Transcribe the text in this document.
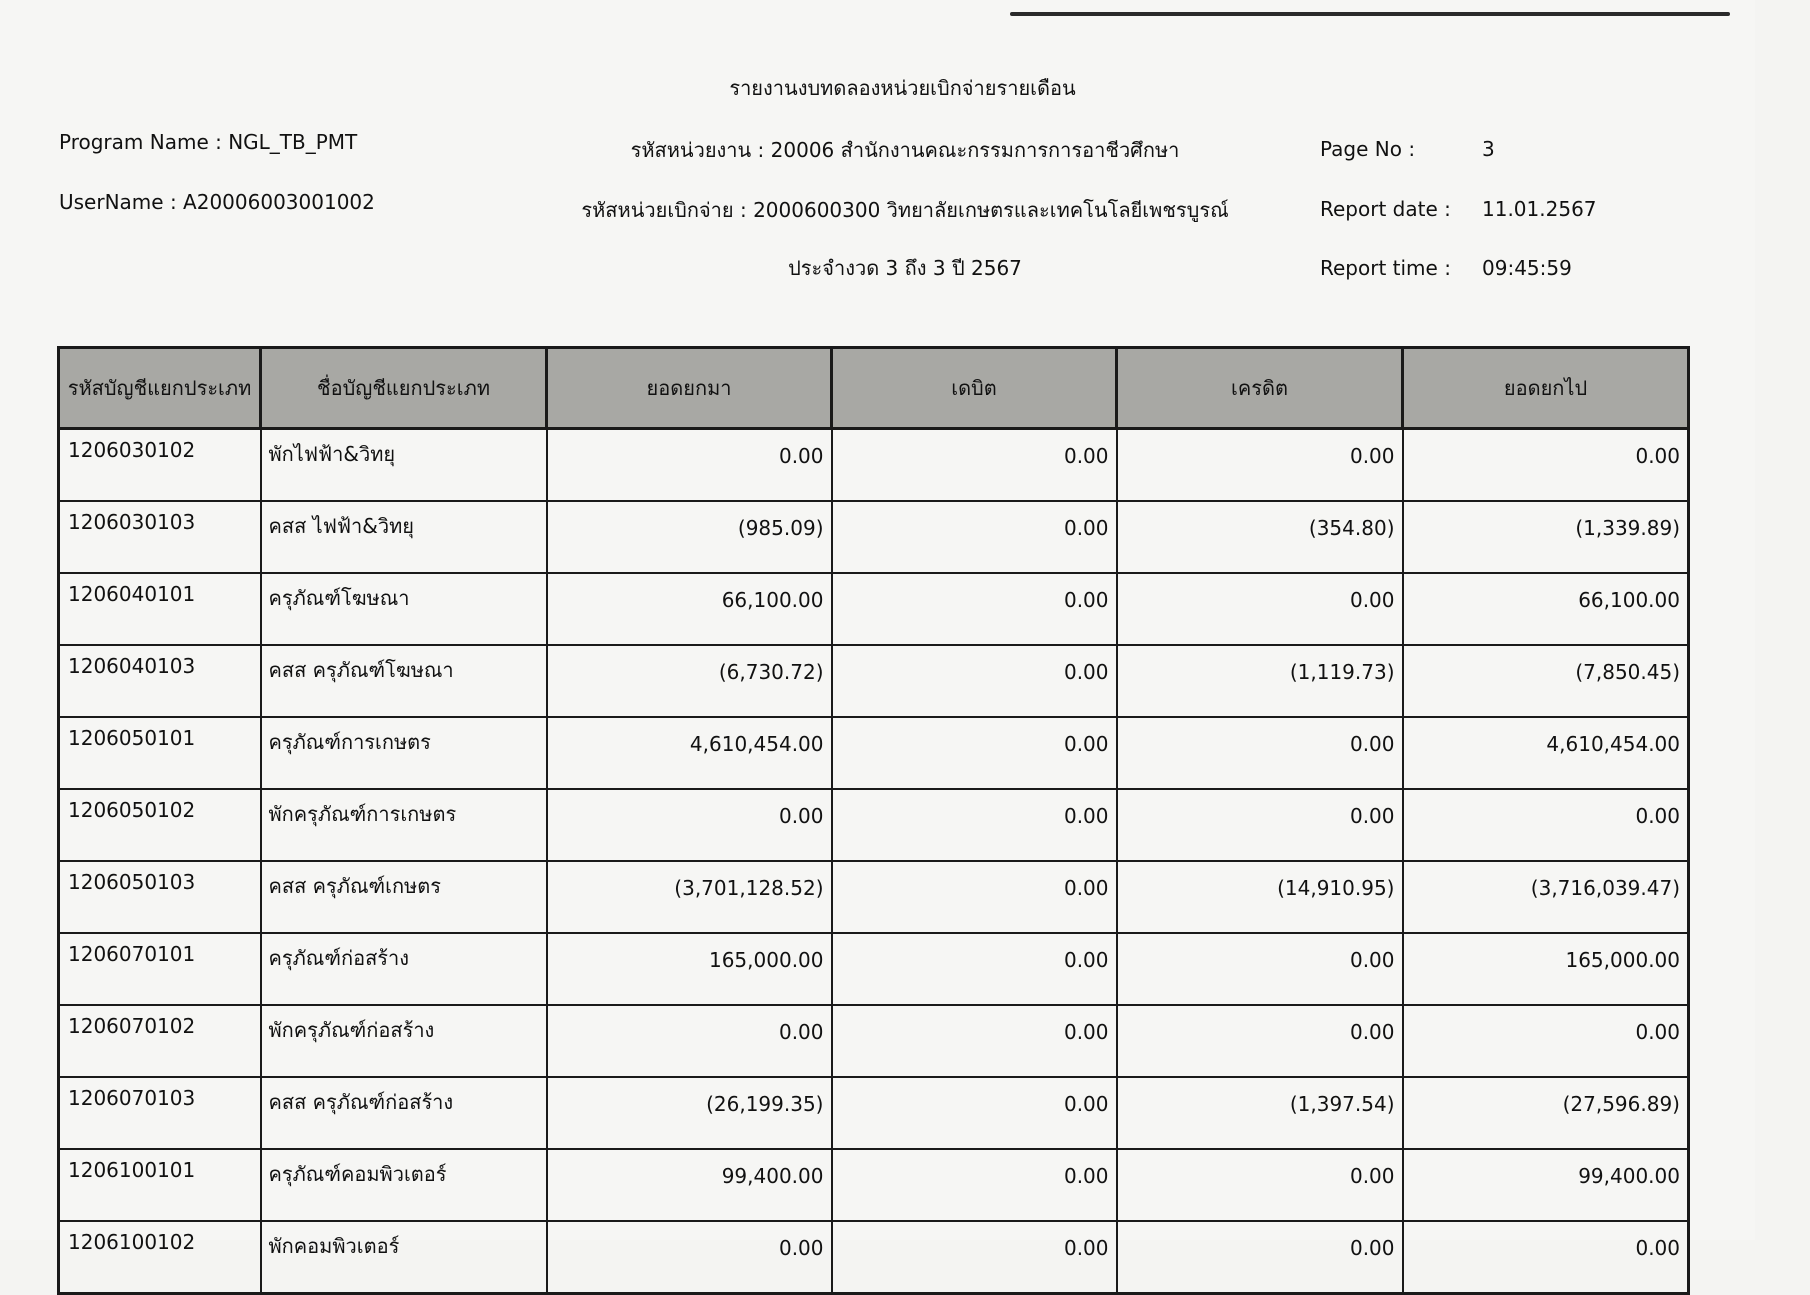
รายงานงบทดลองหน่วยเบิกจ่ายรายเดือน
Program Name : NGL_TB_PMT
UserName : A20006003001002
รหัสหน่วยงาน : 20006 สำนักงานคณะกรรมการการอาชีวศึกษา
รหัสหน่วยเบิกจ่าย : 2000600300 วิทยาลัยเกษตรและเทคโนโลยีเพชรบูรณ์
ประจำงวด 3 ถึง 3 ปี 2567
Page No :	3
Report date : 11.01.2567
Report time : 09:45:59
รหัสบัญชีแยกประเภท	ชื่อบัญชีแยกประเภท	ยอดยกมา	เดบิต	เครดิต	ยอดยกไป
1206030102	พักไฟฟ้า&วิทยุ	0.00	0.00	0.00	0.00
1206030103	คสส ไฟฟ้า&วิทยุ	(985.09)	0.00	(354.80)	(1,339.89)
1206040101	ครุภัณฑ์โฆษณา	66,100.00	0.00	0.00	66,100.00
1206040103	คสส ครุภัณฑ์โฆษณา	(6,730.72)	0.00	(1,119.73)	(7,850.45)
1206050101	ครุภัณฑ์การเกษตร	4,610,454.00	0.00	0.00	4,610,454.00
1206050102	พักครุภัณฑ์การเกษตร	0.00	0.00	0.00	0.00
1206050103	คสส ครุภัณฑ์เกษตร	(3,701,128.52)	0.00	(14,910.95)	(3,716,039.47)
1206070101	ครุภัณฑ์ก่อสร้าง	165,000.00	0.00	0.00	165,000.00
1206070102	พักครุภัณฑ์ก่อสร้าง	0.00	0.00	0.00	0.00
1206070103	คสส ครุภัณฑ์ก่อสร้าง	(26,199.35)	0.00	(1,397.54)	(27,596.89)
1206100101	ครุภัณฑ์คอมพิวเตอร์	99,400.00	0.00	0.00	99,400.00
1206100102	พักคอมพิวเตอร์	0.00	0.00	0.00	0.00
